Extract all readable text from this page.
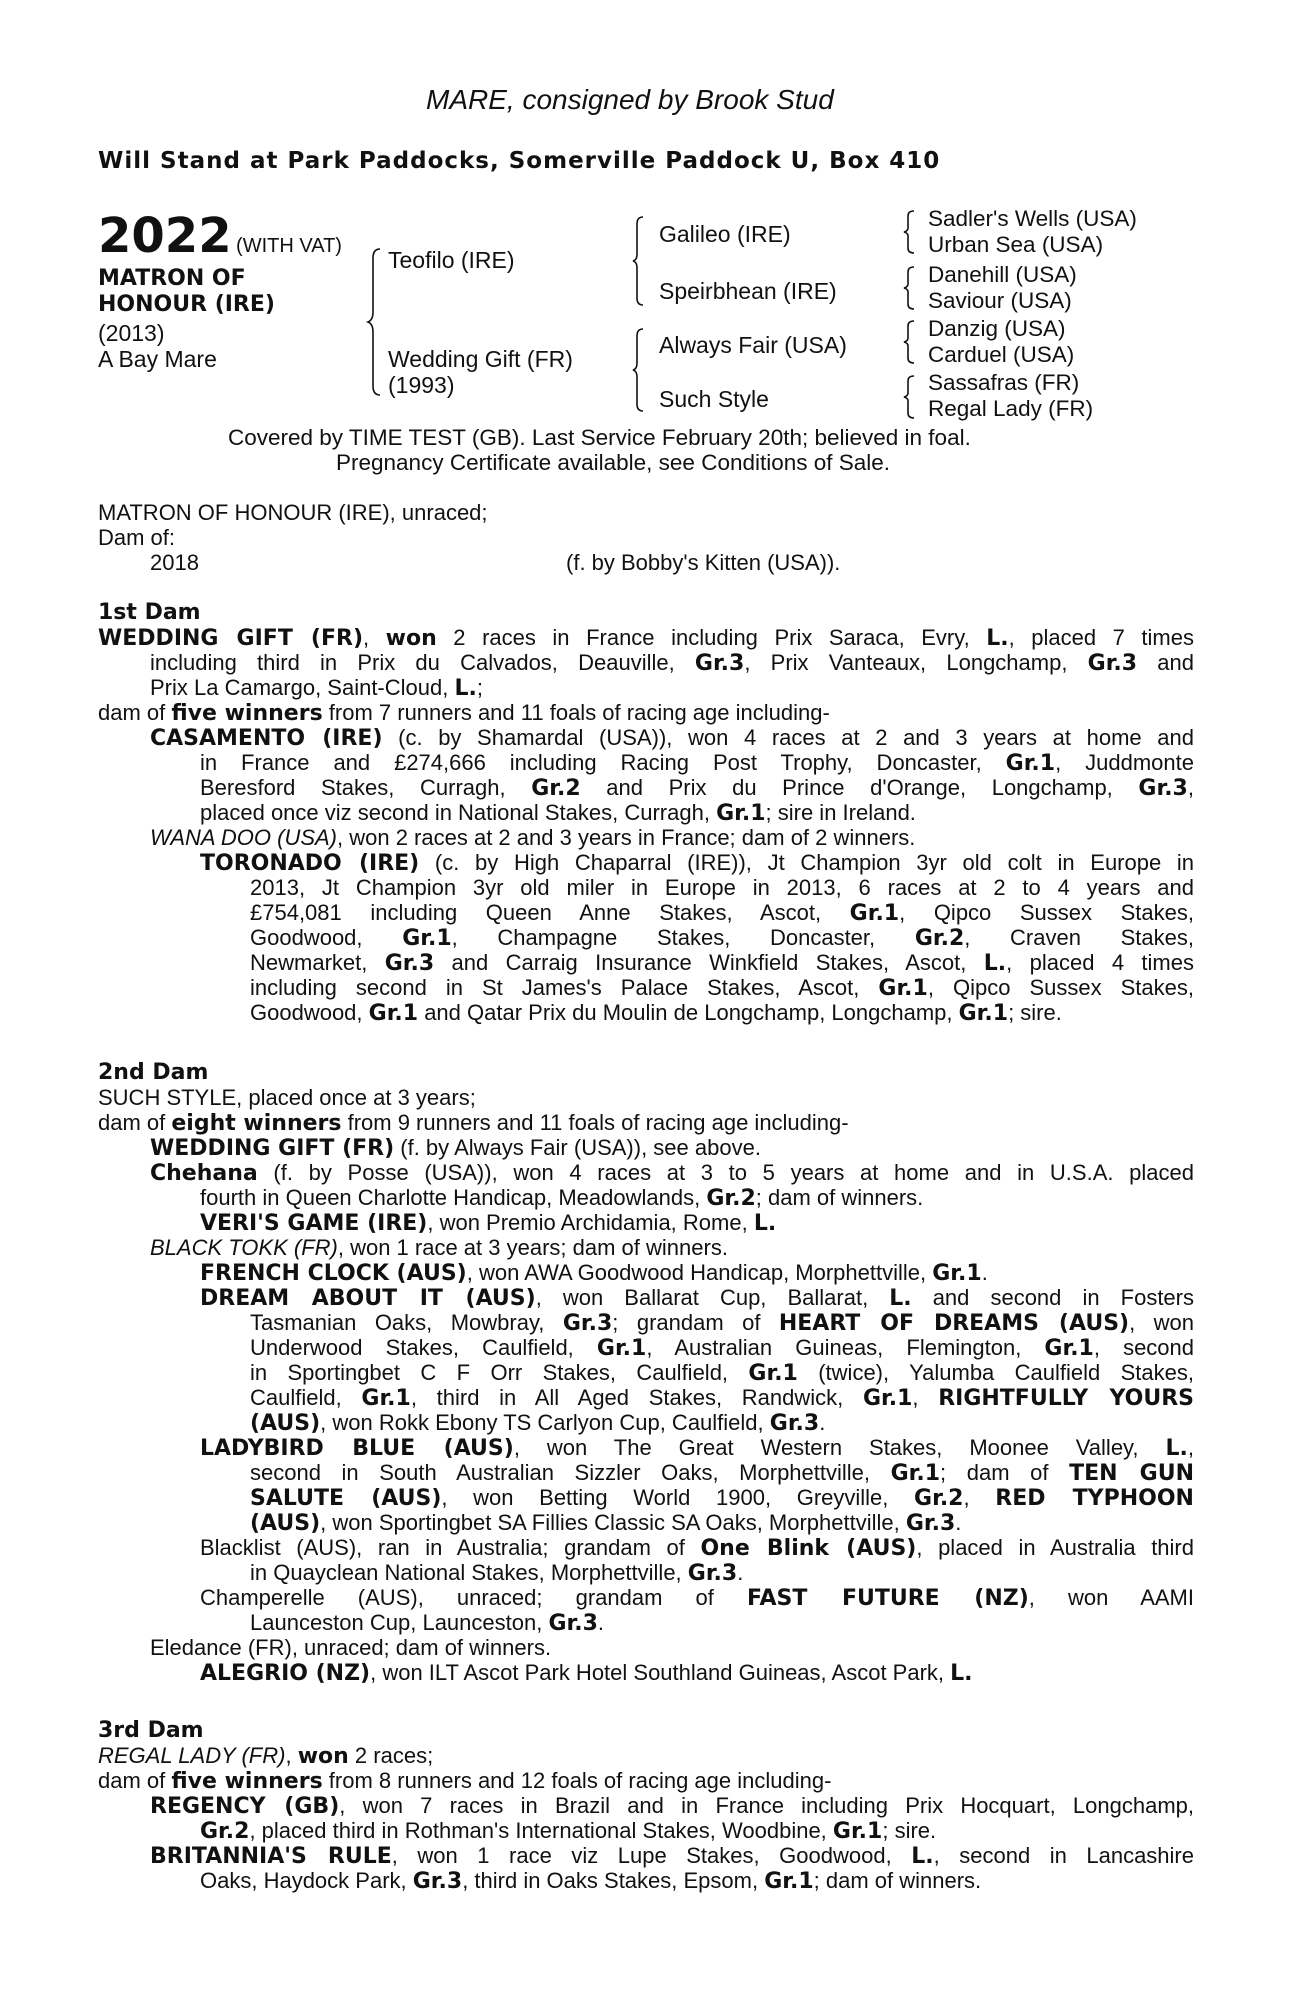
MARE, consigned by Brook Stud
Will Stand at Park Paddocks, Somerville Paddock U, Box 410
2022 (WITH VAT)
MATRON OF
HONOUR (IRE)
(2013)
A Bay Mare
Teofilo (IRE)
Wedding Gift (FR)
(1993)
Galileo (IRE)
Speirbhean (IRE)
Always Fair (USA)
Such Style
Sadler's Wells (USA)
Urban Sea (USA)
Danehill (USA)
Saviour (USA)
Danzig (USA)
Carduel (USA)
Sassafras (FR)
Regal Lady (FR)
Covered by TIME TEST (GB). Last Service February 20th; believed in foal.
Pregnancy Certificate available, see Conditions of Sale.
MATRON OF HONOUR (IRE), unraced;
Dam of:
2018	(f. by Bobby's Kitten (USA)).
1st Dam
WEDDING GIFT (FR), won 2 races in France including Prix Saraca, Evry, L., placed 7 times
including third in Prix du Calvados, Deauville, Gr.3, Prix Vanteaux, Longchamp, Gr.3 and
Prix La Camargo, Saint-Cloud, L.;
dam of five winners from 7 runners and 11 foals of racing age including-
CASAMENTO (IRE) (c. by Shamardal (USA)), won 4 races at 2 and 3 years at home and
in France and £274,666 including Racing Post Trophy, Doncaster, Gr.1, Juddmonte
Beresford Stakes, Curragh, Gr.2 and Prix du Prince d'Orange, Longchamp, Gr.3,
placed once viz second in National Stakes, Curragh, Gr.1; sire in Ireland.
WANA DOO (USA), won 2 races at 2 and 3 years in France; dam of 2 winners.
TORONADO (IRE) (c. by High Chaparral (IRE)), Jt Champion 3yr old colt in Europe in
2013, Jt Champion 3yr old miler in Europe in 2013, 6 races at 2 to 4 years and
£754,081 including Queen Anne Stakes, Ascot, Gr.1, Qipco Sussex Stakes,
Goodwood, Gr.1, Champagne Stakes, Doncaster, Gr.2, Craven Stakes,
Newmarket, Gr.3 and Carraig Insurance Winkfield Stakes, Ascot, L., placed 4 times
including second in St James's Palace Stakes, Ascot, Gr.1, Qipco Sussex Stakes,
Goodwood, Gr.1 and Qatar Prix du Moulin de Longchamp, Longchamp, Gr.1; sire.
2nd Dam
SUCH STYLE, placed once at 3 years;
dam of eight winners from 9 runners and 11 foals of racing age including-
WEDDING GIFT (FR) (f. by Always Fair (USA)), see above.
Chehana (f. by Posse (USA)), won 4 races at 3 to 5 years at home and in U.S.A. placed
fourth in Queen Charlotte Handicap, Meadowlands, Gr.2; dam of winners.
VERI'S GAME (IRE), won Premio Archidamia, Rome, L.
BLACK TOKK (FR), won 1 race at 3 years; dam of winners.
FRENCH CLOCK (AUS), won AWA Goodwood Handicap, Morphettville, Gr.1.
DREAM ABOUT IT (AUS), won Ballarat Cup, Ballarat, L. and second in Fosters
Tasmanian Oaks, Mowbray, Gr.3; grandam of HEART OF DREAMS (AUS), won
Underwood Stakes, Caulfield, Gr.1, Australian Guineas, Flemington, Gr.1, second
in Sportingbet C F Orr Stakes, Caulfield, Gr.1 (twice), Yalumba Caulfield Stakes,
Caulfield, Gr.1, third in All Aged Stakes, Randwick, Gr.1, RIGHTFULLY YOURS
(AUS), won Rokk Ebony TS Carlyon Cup, Caulfield, Gr.3.
LADYBIRD BLUE (AUS), won The Great Western Stakes, Moonee Valley, L.,
second in South Australian Sizzler Oaks, Morphettville, Gr.1; dam of TEN GUN
SALUTE (AUS), won Betting World 1900, Greyville, Gr.2, RED TYPHOON
(AUS), won Sportingbet SA Fillies Classic SA Oaks, Morphettville, Gr.3.
Blacklist (AUS), ran in Australia; grandam of One Blink (AUS), placed in Australia third
in Quayclean National Stakes, Morphettville, Gr.3.
Champerelle (AUS), unraced; grandam of FAST FUTURE (NZ), won AAMI
Launceston Cup, Launceston, Gr.3.
Eledance (FR), unraced; dam of winners.
ALEGRIO (NZ), won ILT Ascot Park Hotel Southland Guineas, Ascot Park, L.
3rd Dam
REGAL LADY (FR), won 2 races;
dam of five winners from 8 runners and 12 foals of racing age including-
REGENCY (GB), won 7 races in Brazil and in France including Prix Hocquart, Longchamp,
Gr.2, placed third in Rothman's International Stakes, Woodbine, Gr.1; sire.
BRITANNIA'S RULE, won 1 race viz Lupe Stakes, Goodwood, L., second in Lancashire
Oaks, Haydock Park, Gr.3, third in Oaks Stakes, Epsom, Gr.1; dam of winners.
